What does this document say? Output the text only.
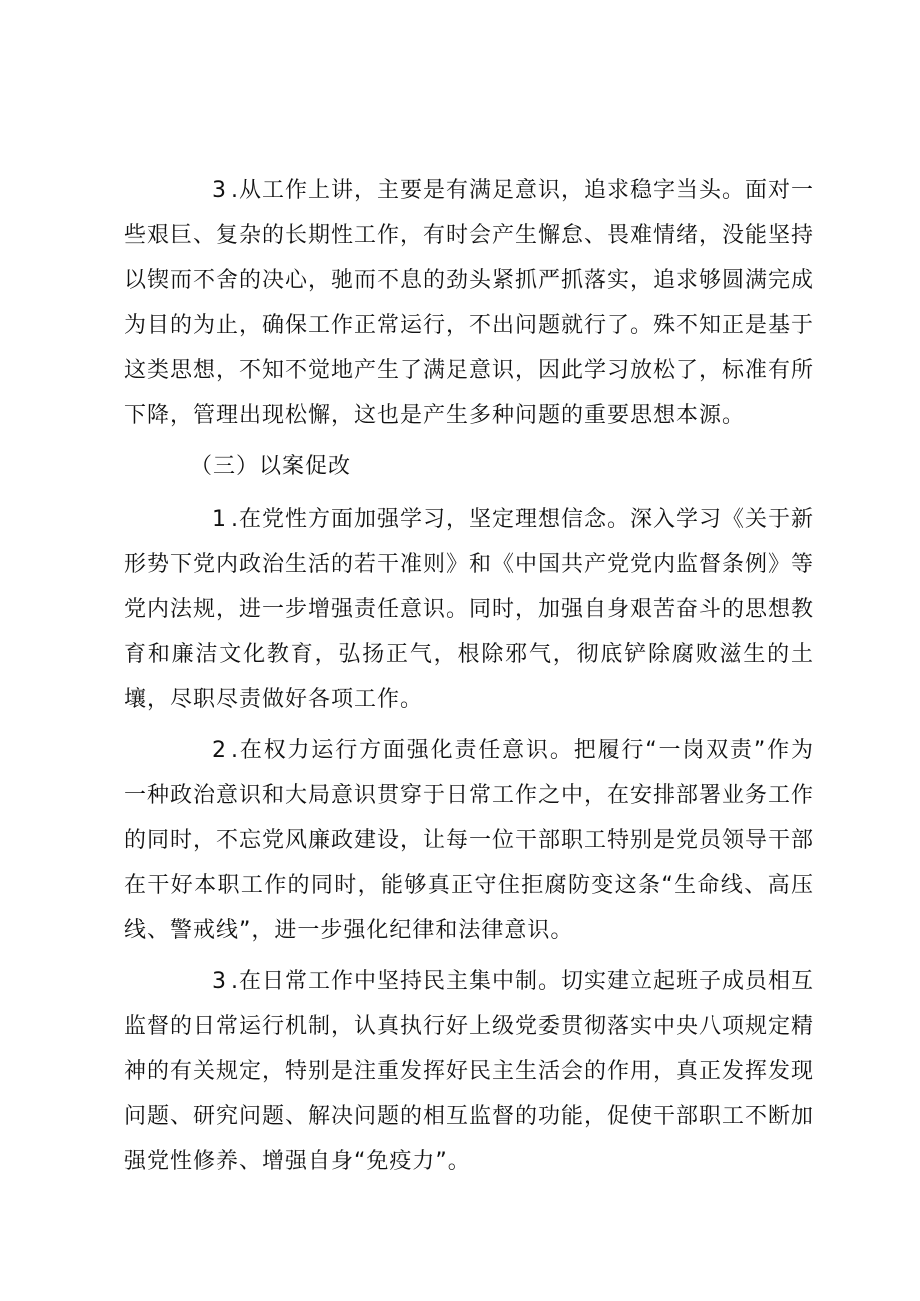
3 .从工作上讲，主要是有满足意识，追求稳字当头。面对一些艰巨、复杂的长期性工作，有时会产生懈怠、畏难情绪，没能坚持以锲而不舍的决心，驰而不息的劲头紧抓严抓落实，追求够圆满完成为目的为止，确保工作正常运行，不出问题就行了。殊不知正是基于这类思想，不知不觉地产生了满足意识，因此学习放松了，标准有所下降，管理出现松懈，这也是产生多种问题的重要思想本源。

（三）以案促改

1 .在党性方面加强学习，坚定理想信念。深入学习《关于新形势下党内政治生活的若干准则》和《中国共产党党内监督条例》等党内法规，进一步增强责任意识。同时，加强自身艰苦奋斗的思想教育和廉洁文化教育，弘扬正气，根除邪气，彻底铲除腐败滋生的土壤，尽职尽责做好各项工作。

2 .在权力运行方面强化责任意识。把履行“一岗双责”作为一种政治意识和大局意识贯穿于日常工作之中，在安排部署业务工作的同时，不忘党风廉政建设，让每一位干部职工特别是党员领导干部在干好本职工作的同时，能够真正守住拒腐防变这条“生命线、高压线、警戒线”，进一步强化纪律和法律意识。

3 .在日常工作中坚持民主集中制。切实建立起班子成员相互监督的日常运行机制，认真执行好上级党委贯彻落实中央八项规定精神的有关规定，特别是注重发挥好民主生活会的作用，真正发挥发现问题、研究问题、解决问题的相互监督的功能，促使干部职工不断加强党性修养、增强自身“免疫力”。
